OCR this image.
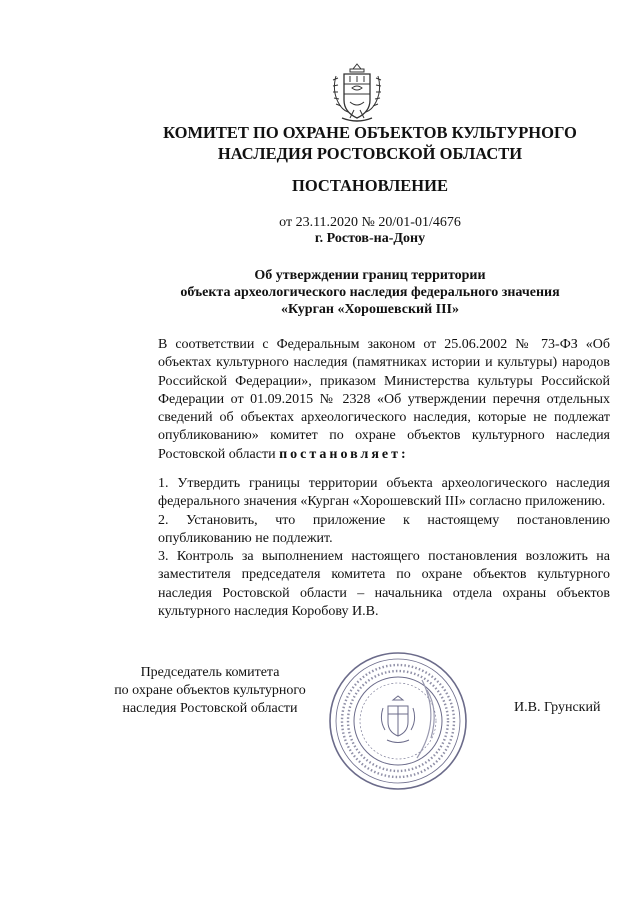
КОМИТЕТ ПО ОХРАНЕ ОБЪЕКТОВ КУЛЬТУРНОГО
НАСЛЕДИЯ РОСТОВСКОЙ ОБЛАСТИ
ПОСТАНОВЛЕНИЕ
от 23.11.2020 № 20/01-01/4676
г. Ростов-на-Дону
Об утверждении границ территории
объекта археологического наследия федерального значения
«Курган «Хорошевский III»
В соответствии с Федеральным законом от 25.06.2002 № 73-ФЗ «Об объектах культурного наследия (памятниках истории и культуры) народов Российской Федерации», приказом Министерства культуры Российской Федерации от 01.09.2015 № 2328 «Об утверждении перечня отдельных сведений об объектах археологического наследия, которые не подлежат опубликованию» комитет по охране объектов культурного наследия Ростовской области постановляет:
1. Утвердить границы территории объекта археологического наследия федерального значения «Курган «Хорошевский III» согласно приложению.
2. Установить, что приложение к настоящему постановлению опубликованию не подлежит.
3. Контроль за выполнением настоящего постановления возложить на заместителя председателя комитета по охране объектов культурного наследия Ростовской области – начальника отдела охраны объектов культурного наследия Коробову И.В.
Председатель комитета
по охране объектов культурного
наследия Ростовской области	И.В. Грунский
